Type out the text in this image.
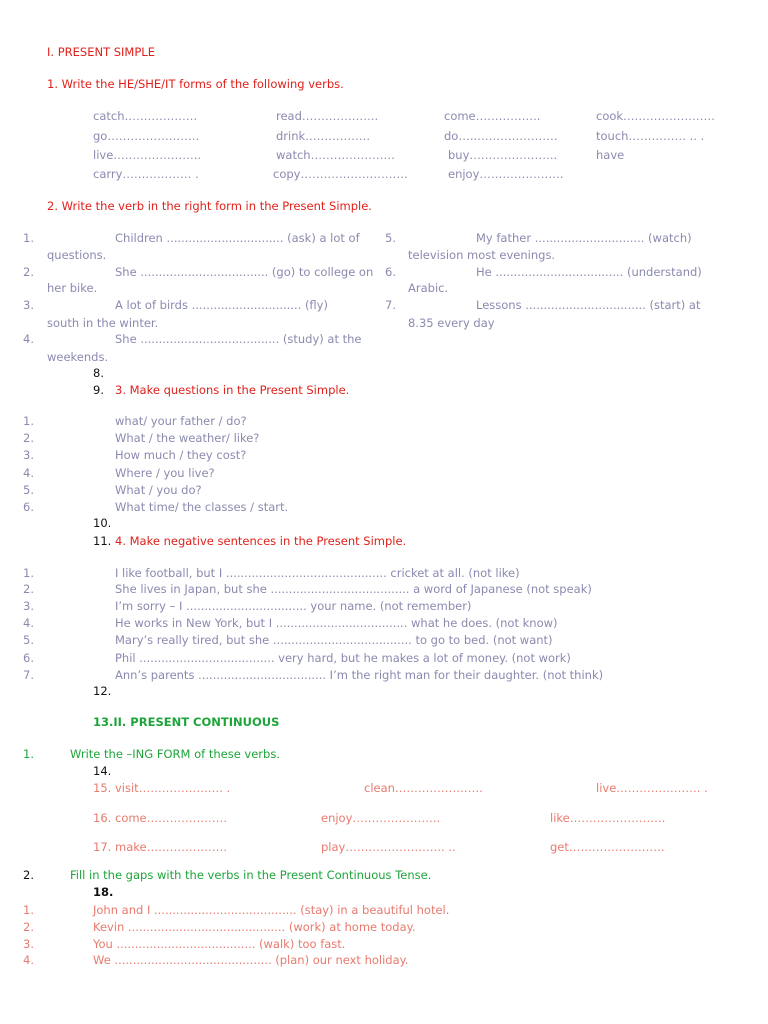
I. PRESENT SIMPLE
1. Write the HE/SHE/IT forms of the following verbs.
catch……………….	read………………..	come……………..	cook……………………
go……………………	drink……………..	do…..…………………	touch…………… .. .
live…………………..	watch………………….	buy…………………..	have
carry……………… .	copy……………………….	enjoy………………….
2. Write the verb in the right form in the Present Simple.
1.	Children ................................ (ask) a lot of
questions.
2.	She ................................... (go) to college on
her bike.
3.	A lot of birds .............................. (fly)
south in the winter.
4.	She ...................................... (study) at the
weekends.
5.	My father .............................. (watch)
television most evenings.
6.	He ................................... (understand)
Arabic.
7.	Lessons ................................. (start) at
8.35 every day
8.
9. 3. Make questions in the Present Simple.
1.	what/ your father / do?
2.	What / the weather/ like?
3.	How much / they cost?
4.	Where / you live?
5.	What / you do?
6.	What time/ the classes / start.
10.
11. 4. Make negative sentences in the Present Simple.
1.	I like football, but I ............................................ cricket at all. (not like)
2.	She lives in Japan, but she ...................................... a word of Japanese (not speak)
3.	I’m sorry – I ................................. your name. (not remember)
4.	He works in New York, but I .................................... what he does. (not know)
5.	Mary’s really tired, but she ...................................... to go to bed. (not want)
6.	Phil ..................................... very hard, but he makes a lot of money. (not work)
7.	Ann’s parents ................................... I’m the right man for their daughter. (not think)
12.
13.II. PRESENT CONTINUOUS
1.	Write the –ING FORM of these verbs.
14.
15. visit…………………. .	clean…………………..	live…………………. .
16. come…………………	enjoy…………………..	like…………………….
17. make…………………	play…………………….. ..	get…………………….
2.	Fill in the gaps with the verbs in the Present Continuous Tense.
18.
1.	John and I ....................................... (stay) in a beautiful hotel.
2.	Kevin ........................................... (work) at home today.
3.	You ...................................... (walk) too fast.
4.	We ........................................... (plan) our next holiday.
